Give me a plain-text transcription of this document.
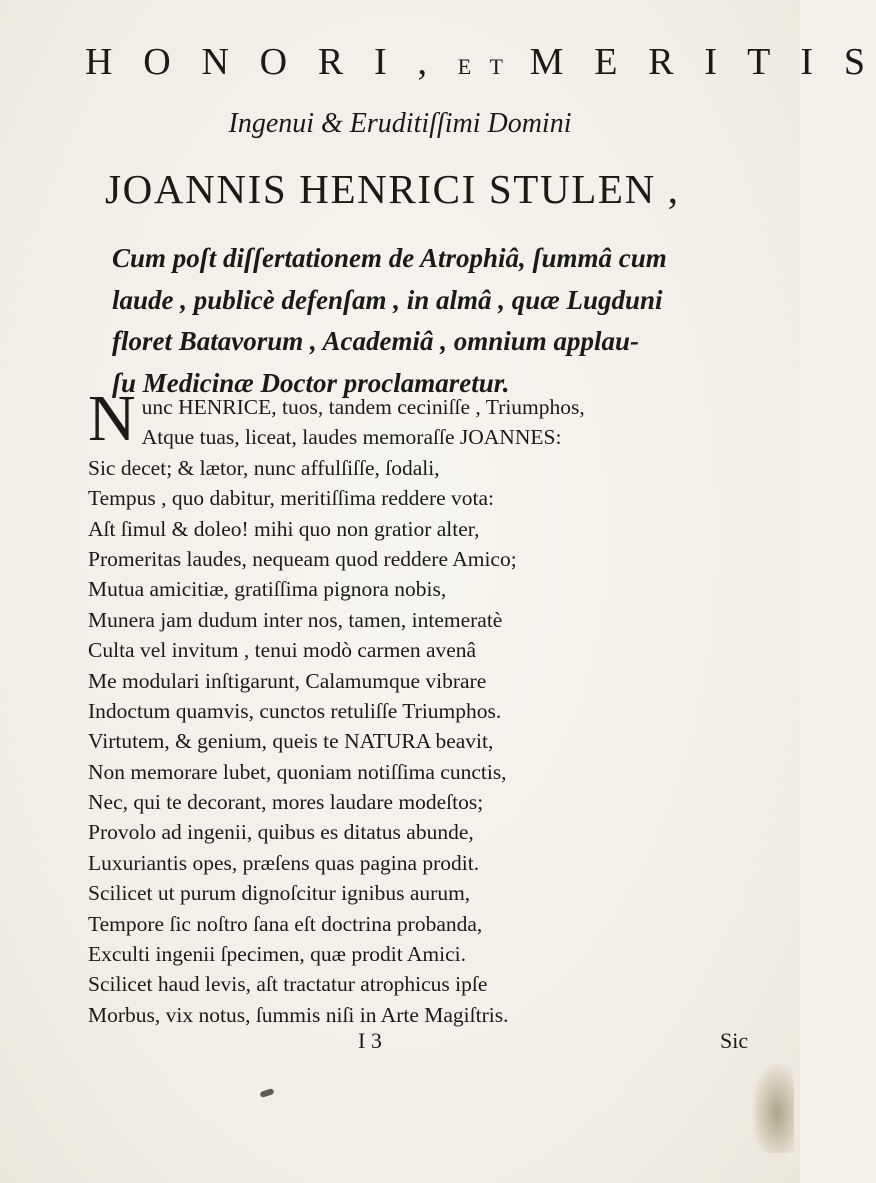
H O N O R I , E T M E R I T I S
Ingenui & Eruditiſſimi Domini
JOANNIS HENRICI STULEN ,
Cum poſt diſſertationem de Atrophiâ, ſummâ cum
laude , publicè defenſam , in almâ , quæ Lugduni
floret Batavorum , Academiâ , omnium applau-
ſu Medicinæ Doctor proclamaretur.
N unc HENRICE, tuos, tandem ceciniſſe , Triumphos,
Atque tuas, liceat, laudes memoraſſe JOANNES:
Sic decet; & lætor, nunc affulſiſſe, ſodali,
Tempus , quo dabitur, meritiſſima reddere vota:
Aſt ſimul & doleo! mihi quo non gratior alter,
Promeritas laudes, nequeam quod reddere Amico;
Mutua amicitiæ, gratiſſima pignora nobis,
Munera jam dudum inter nos, tamen, intemeratè
Culta vel invitum , tenui modò carmen avenâ
Me modulari inſtigarunt, Calamumque vibrare
Indoctum quamvis, cunctos retuliſſe Triumphos.
Virtutem, & genium, queis te NATURA beavit,
Non memorare lubet, quoniam notiſſima cunctis,
Nec, qui te decorant, mores laudare modeſtos;
Provolo ad ingenii, quibus es ditatus abunde,
Luxuriantis opes, præſens quas pagina prodit.
Scilicet ut purum dignoſcitur ignibus aurum,
Tempore ſic noſtro ſana eſt doctrina probanda,
Exculti ingenii ſpecimen, quæ prodit Amici.
Scilicet haud levis, aſt tractatur atrophicus ipſe
Morbus, vix notus, ſummis niſi in Arte Magiſtris.
I 3	Sic
